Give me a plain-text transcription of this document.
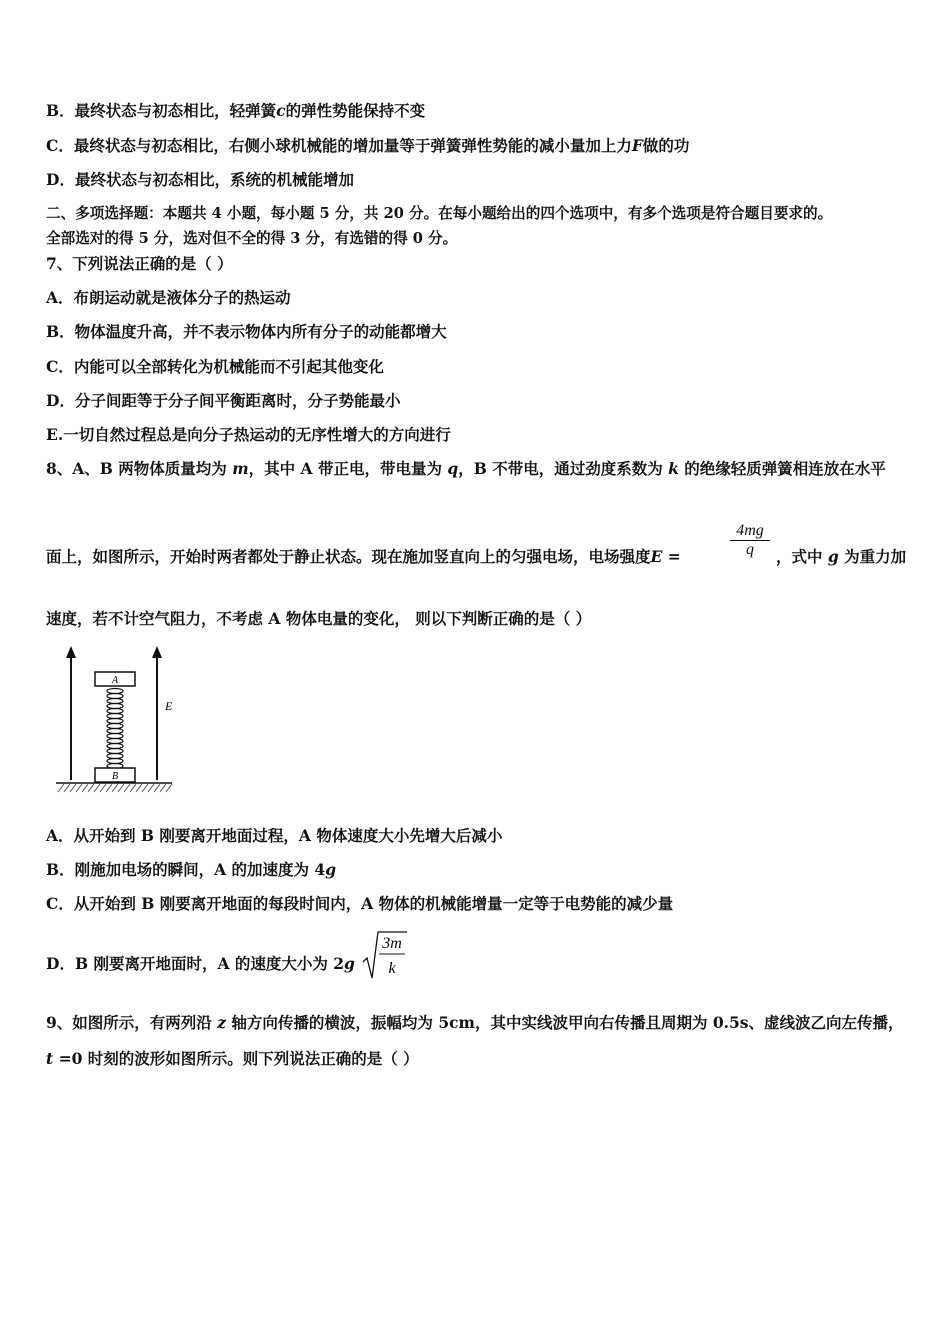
B．最终状态与初态相比，轻弹簧c的弹性势能保持不变
C．最终状态与初态相比，右侧小球机械能的增加量等于弹簧弹性势能的减小量加上力F做的功
D．最终状态与初态相比，系统的机械能增加
二、多项选择题：本题共 4 小题，每小题 5 分，共 20 分。在每小题给出的四个选项中，有多个选项是符合题目要求的。
全部选对的得 5 分，选对但不全的得 3 分，有选错的得 0 分。
7、下列说法正确的是（ ）
A．布朗运动就是液体分子的热运动
B．物体温度升高，并不表示物体内所有分子的动能都增大
C．内能可以全部转化为机械能而不引起其他变化
D．分子间距等于分子间平衡距离时，分子势能最小
E.一切自然过程总是向分子热运动的无序性增大的方向进行
8、A、B 两物体质量均为 m，其中 A 带正电，带电量为 q，B 不带电，通过劲度系数为 k 的绝缘轻质弹簧相连放在水平
面上，如图所示，开始时两者都处于静止状态。现在施加竖直向上的匀强电场，电场强度E =
4mg
q	，式中 g 为重力加
速度，若不计空气阻力，不考虑 A 物体电量的变化， 则以下判断正确的是（ ）
A
B
E
A．从开始到 B 刚要离开地面过程，A 物体速度大小先增大后减小
B．刚施加电场的瞬间，A 的加速度为 4g
C．从开始到 B 刚要离开地面的每段时间内，A 物体的机械能增量一定等于电势能的减少量
D．B 刚要离开地面时，A 的速度大小为 2g
3m
k
9、如图所示，有两列沿 z 轴方向传播的横波，振幅均为 5cm，其中实线波甲向右传播且周期为 0.5s、虚线波乙向左传播，
t =0 时刻的波形如图所示。则下列说法正确的是（ ）
